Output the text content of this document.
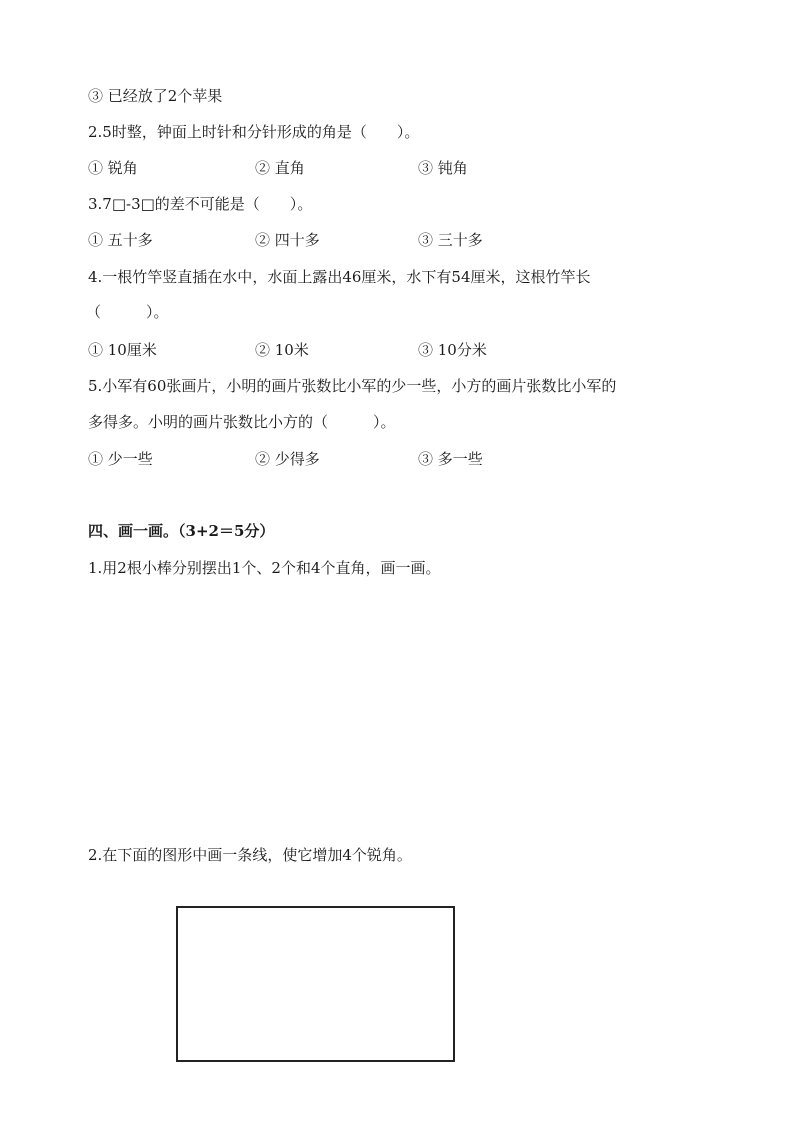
③ 已经放了2个苹果
2.5时整，钟面上时针和分针形成的角是（　　）。
① 锐角	② 直角	③ 钝角
3.7□-3□的差不可能是（　　）。
① 五十多	② 四十多	③ 三十多
4.一根竹竿竖直插在水中，水面上露出46厘米，水下有54厘米，这根竹竿长
（　　　）。
① 10厘米	② 10米	③ 10分米
5.小军有60张画片，小明的画片张数比小军的少一些，小方的画片张数比小军的
多得多。小明的画片张数比小方的（　　　）。
① 少一些	② 少得多	③ 多一些
四、画一画。（3+2＝5分）
1.用2根小棒分别摆出1个、2个和4个直角，画一画。
2.在下面的图形中画一条线，使它增加4个锐角。
